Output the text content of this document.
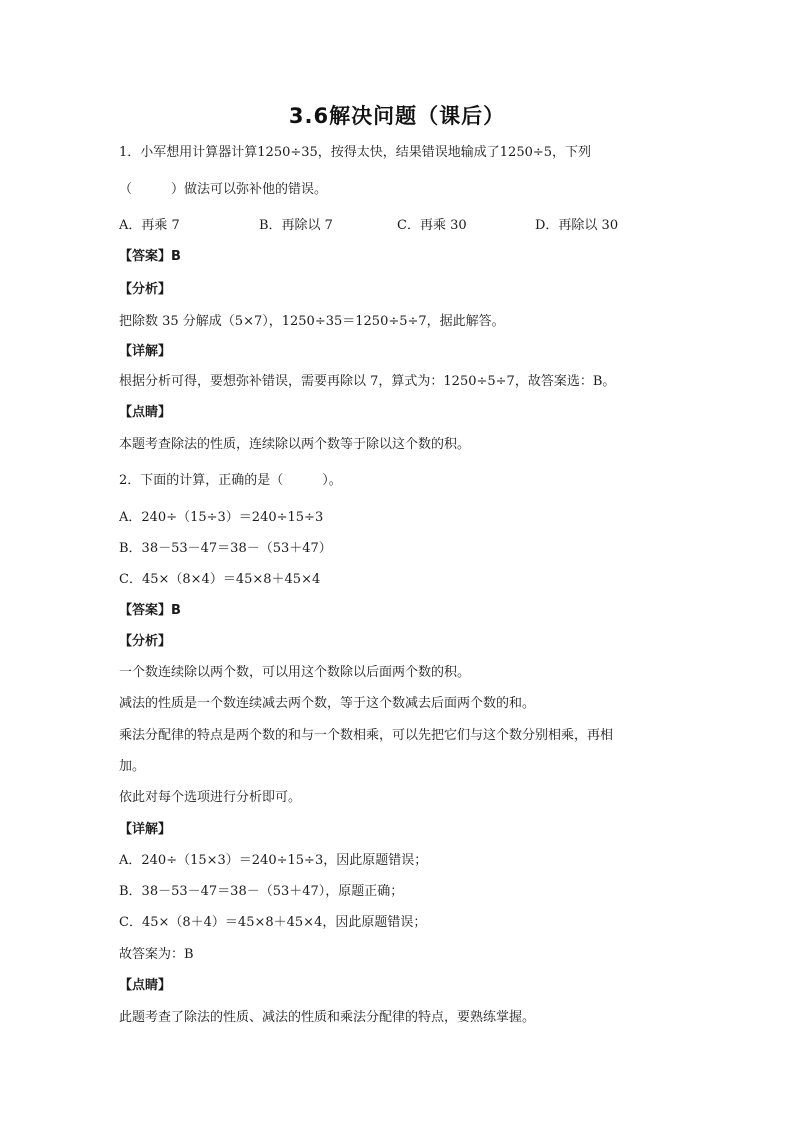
3.6解决问题（课后）
1．小军想用计算器计算1250÷35，按得太快，结果错误地输成了1250÷5，下列
（　　　）做法可以弥补他的错误。
A．再乘 7	B．再除以 7	C．再乘 30	D．再除以 30
【答案】B
【分析】
把除数 35 分解成（5×7），1250÷35＝1250÷5÷7，据此解答。
【详解】
根据分析可得，要想弥补错误，需要再除以 7，算式为：1250÷5÷7，故答案选：B。
【点睛】
本题考查除法的性质，连续除以两个数等于除以这个数的积。
2．下面的计算，正确的是（　　　）。
A．240÷（15÷3）＝240÷15÷3
B．38－53－47＝38－（53＋47）
C．45×（8×4）＝45×8＋45×4
【答案】B
【分析】
一个数连续除以两个数，可以用这个数除以后面两个数的积。
减法的性质是一个数连续减去两个数，等于这个数减去后面两个数的和。
乘法分配律的特点是两个数的和与一个数相乘，可以先把它们与这个数分别相乘，再相
加。
依此对每个选项进行分析即可。
【详解】
A．240÷（15×3）＝240÷15÷3，因此原题错误；
B．38－53－47＝38－（53＋47），原题正确；
C．45×（8＋4）＝45×8＋45×4，因此原题错误；
故答案为：B
【点睛】
此题考查了除法的性质、减法的性质和乘法分配律的特点，要熟练掌握。
